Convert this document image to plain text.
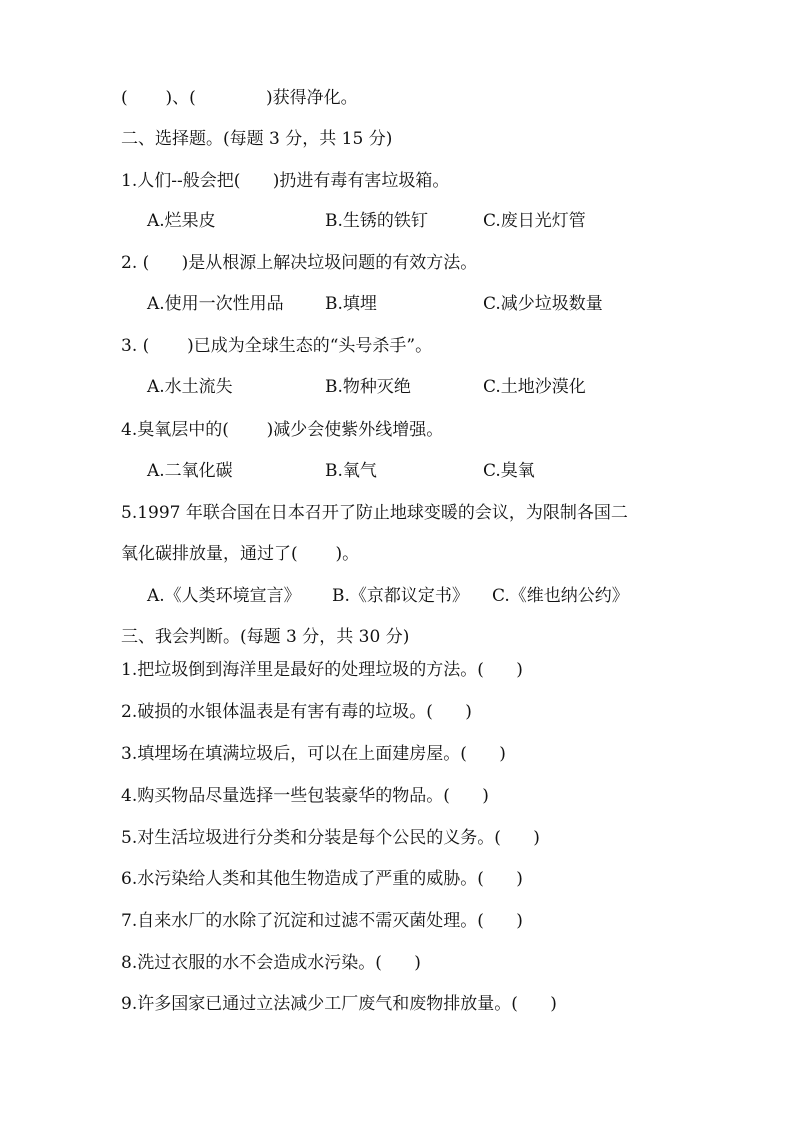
(       )、(             )获得净化。
二、选择题。(每题 3 分，共 15 分)
1.人们--般会把(      )扔进有毒有害垃圾箱。

A.烂果皮

	B.生锈的铁钉

	C.废日光灯管

2. (      )是从根源上解决垃圾问题的有效方法。

A.使用一次性用品

B.填埋

	C.减少垃圾数量

3. (       )已成为全球生态的“头号杀手”。

A.水土流失

	B.物种灭绝

	C.土地沙漠化

4.臭氧层中的(       )减少会使紫外线增强。

A.二氧化碳

	B.氧气

	C.臭氧

5.1997 年联合国在日本召开了防止地球变暖的会议，为限制各国二
氧化碳排放量，通过了(       )。

A.《人类环境宣言》

B.《京都议定书》

C.《维也纳公约》

三、我会判断。(每题 3 分，共 30 分)
1.把垃圾倒到海洋里是最好的处理垃圾的方法。(      )
2.破损的水银体温表是有害有毒的垃圾。(      )
3.填埋场在填满垃圾后，可以在上面建房屋。(      )
4.购买物品尽量选择一些包装豪华的物品。(      )
5.对生活垃圾进行分类和分装是每个公民的义务。(      )
6.水污染给人类和其他生物造成了严重的威胁。(      )
7.自来水厂的水除了沉淀和过滤不需灭菌处理。(      )
8.洗过衣服的水不会造成水污染。(      )
9.许多国家已通过立法减少工厂废气和废物排放量。(      )
